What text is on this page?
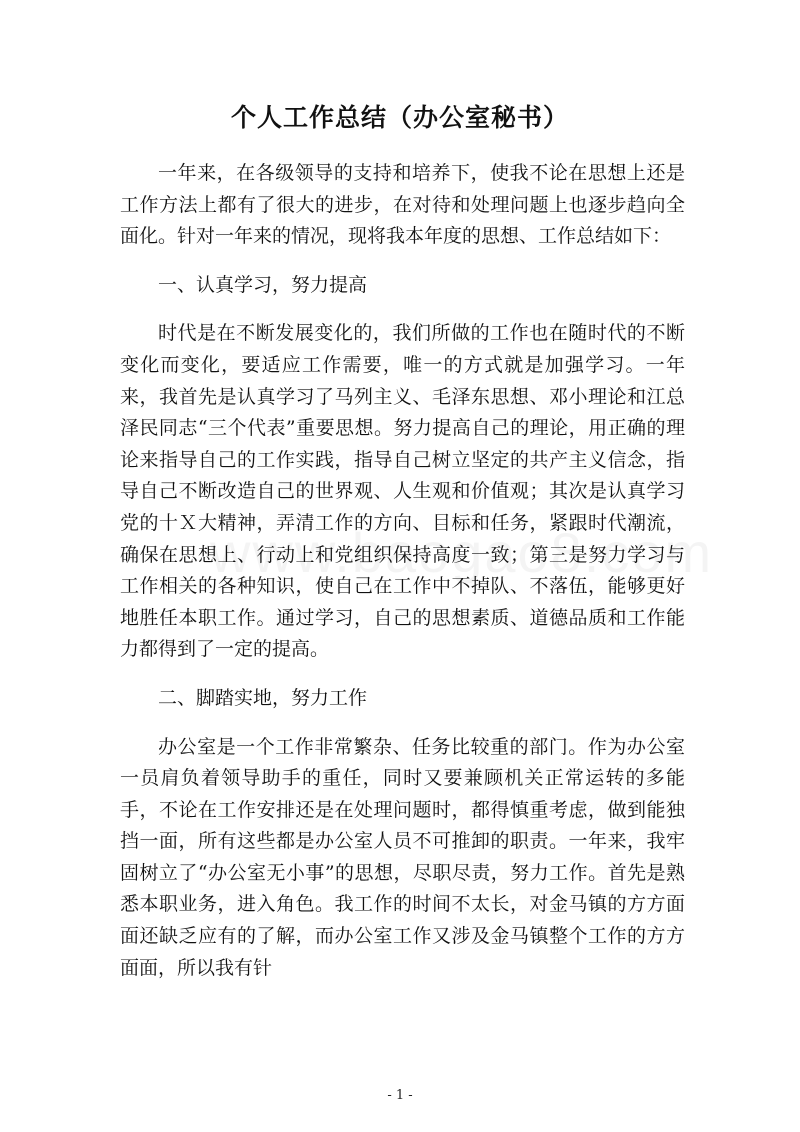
个人工作总结（办公室秘书）

一年来，在各级领导的支持和培养下，使我不论在思想上还是工作方法上都有了很大的进步，在对待和处理问题上也逐步趋向全面化。针对一年来的情况，现将我本年度的思想、工作总结如下：

一、认真学习，努力提高

时代是在不断发展变化的，我们所做的工作也在随时代的不断变化而变化，要适应工作需要，唯一的方式就是加强学习。一年来，我首先是认真学习了马列主义、毛泽东思想、邓小理论和江总泽民同志“三个代表”重要思想。努力提高自己的理论，用正确的理论来指导自己的工作实践，指导自己树立坚定的共产主义信念，指导自己不断改造自己的世界观、人生观和价值观；其次是认真学习党的十Ｘ大精神，弄清工作的方向、目标和任务，紧跟时代潮流，确保在思想上、行动上和党组织保持高度一致；第三是努力学习与工作相关的各种知识，使自己在工作中不掉队、不落伍，能够更好地胜任本职工作。通过学习，自己的思想素质、道德品质和工作能力都得到了一定的提高。

二、脚踏实地，努力工作

办公室是一个工作非常繁杂、任务比较重的部门。作为办公室一员肩负着领导助手的重任，同时又要兼顾机关正常运转的多能手，不论在工作安排还是在处理问题时，都得慎重考虑，做到能独挡一面，所有这些都是办公室人员不可推卸的职责。一年来，我牢固树立了“办公室无小事”的思想，尽职尽责，努力工作。首先是熟悉本职业务，进入角色。我工作的时间不太长，对金马镇的方方面面还缺乏应有的了解，而办公室工作又涉及金马镇整个工作的方方面面，所以我有针

- 1 -
